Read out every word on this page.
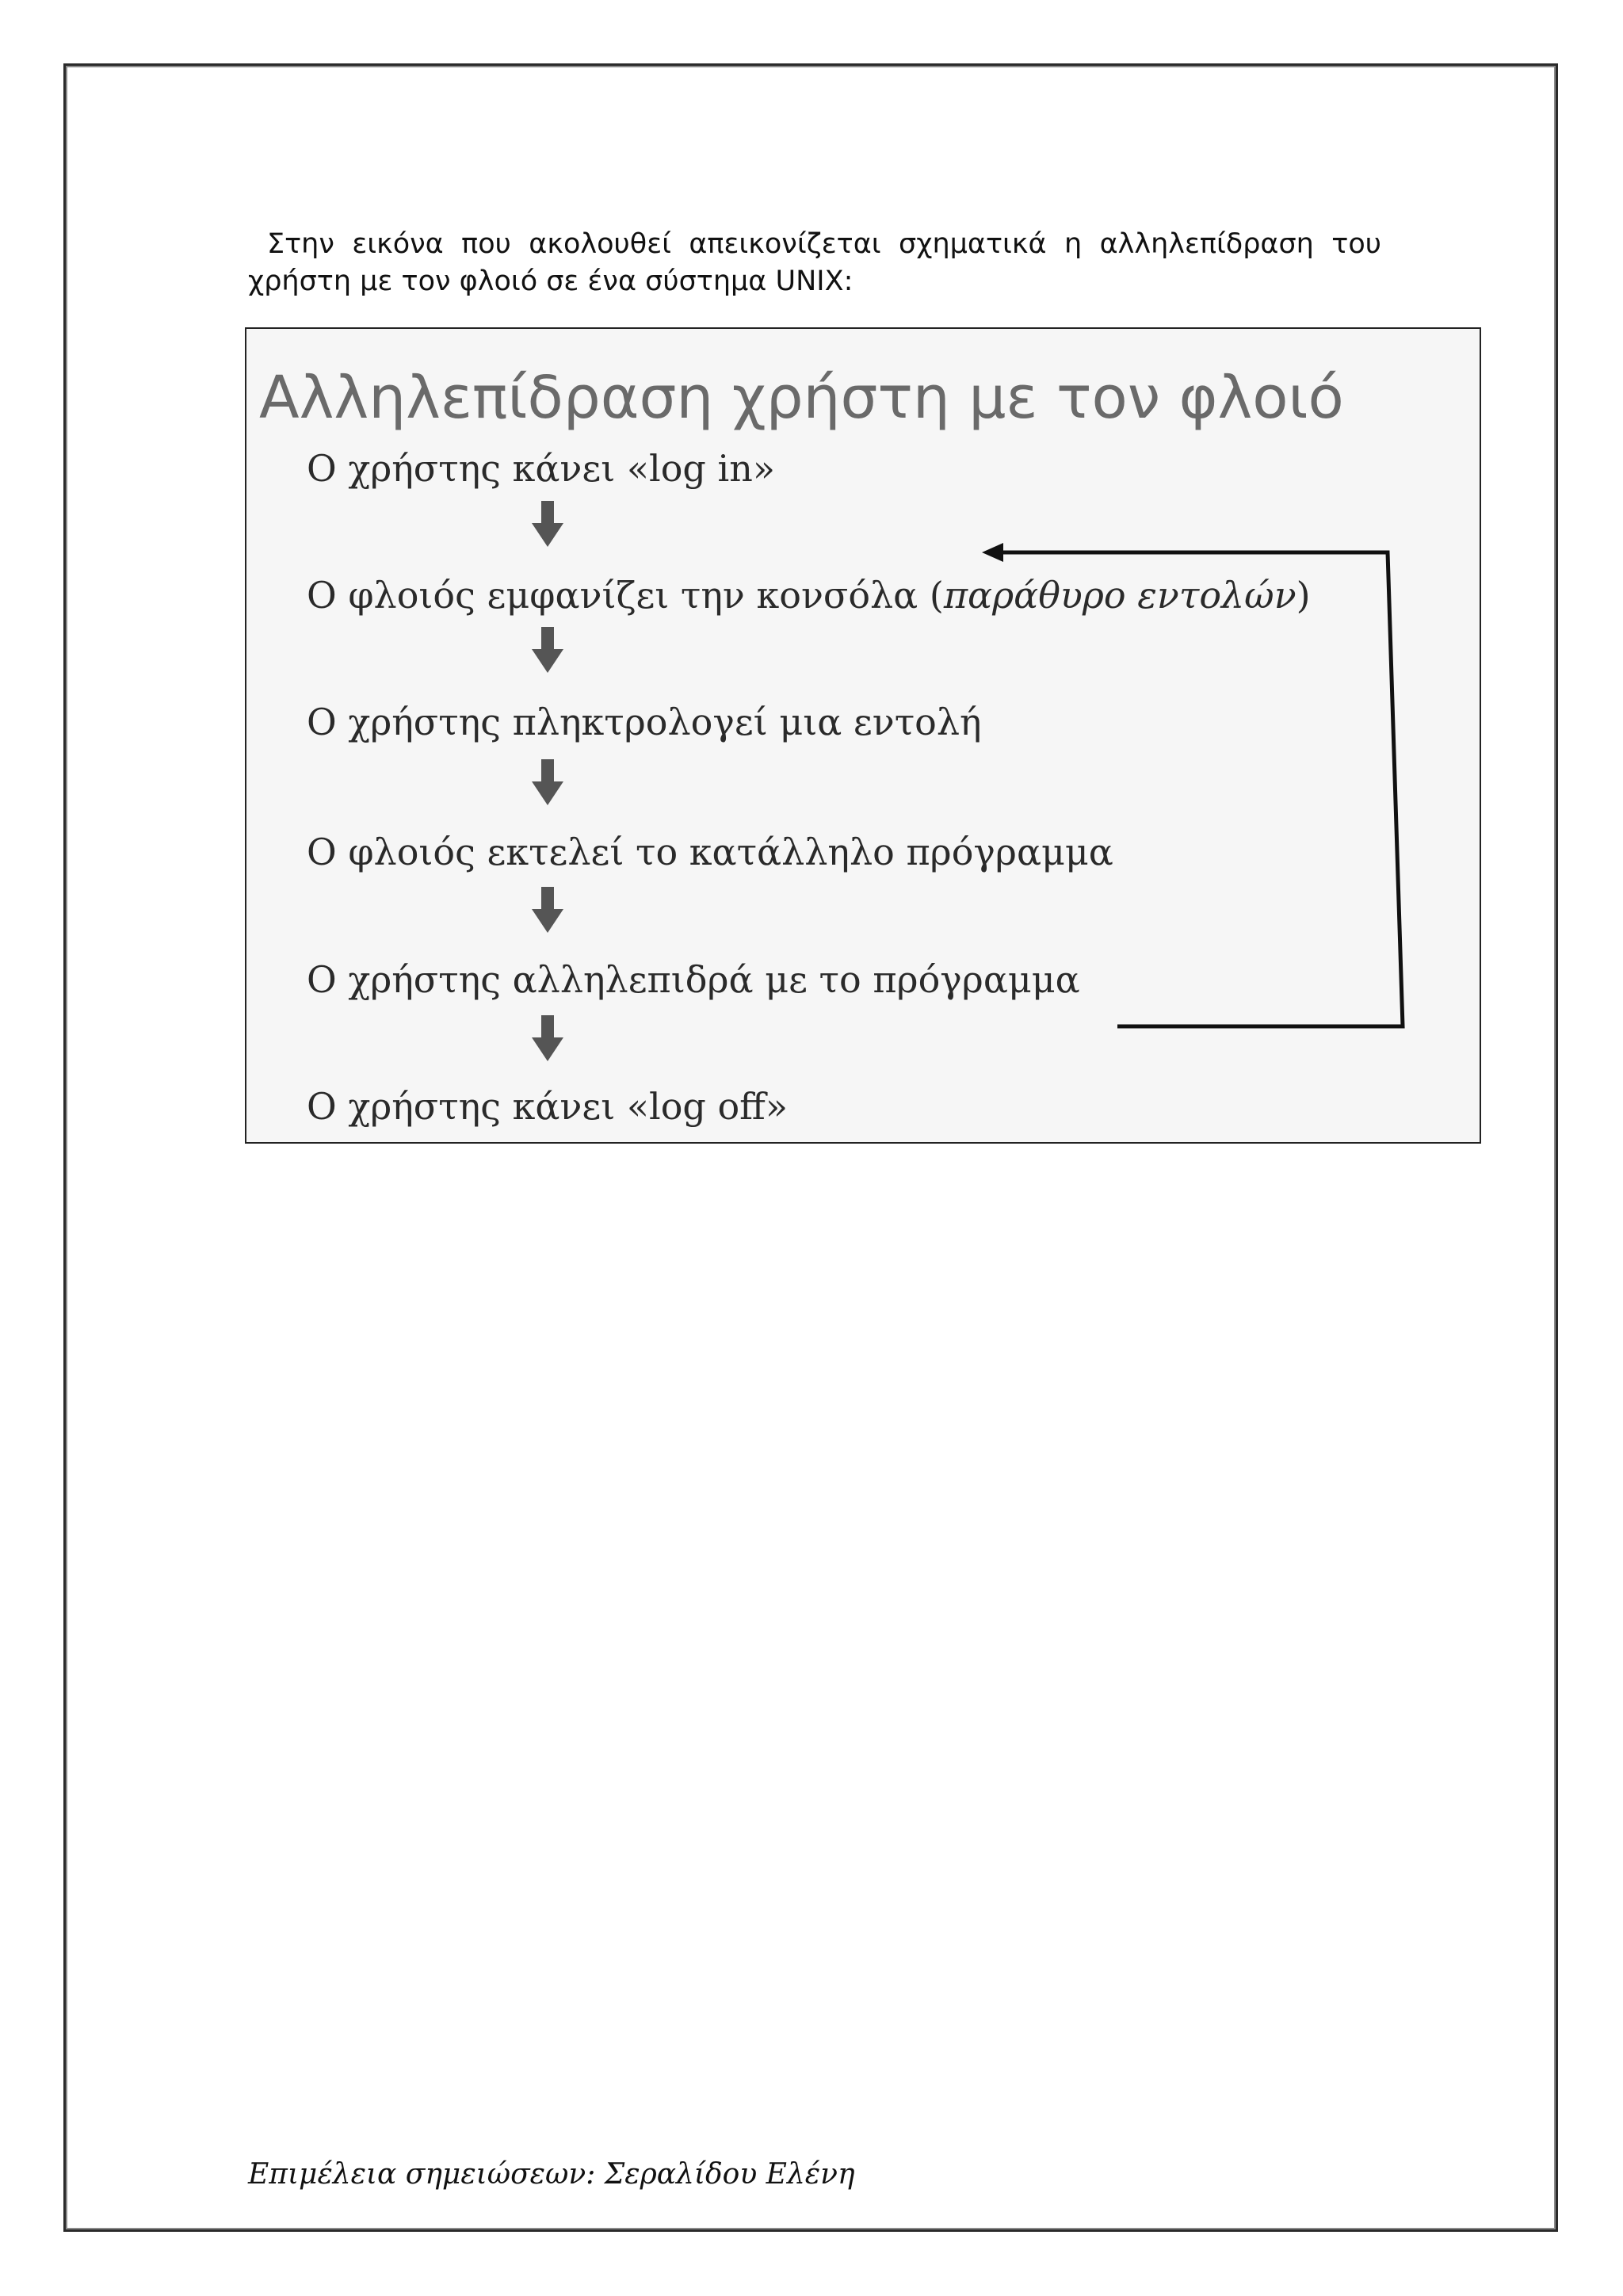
Στην εικόνα που ακολουθεί απεικονίζεται σχηματικά η αλληλεπίδραση του χρήστη με τον φλοιό σε ένα σύστημα UNIX:

Αλληλεπίδραση χρήστη με τον φλοιό
Ο χρήστης κάνει «log in»
Ο φλοιός εμφανίζει την κονσόλα (παράθυρο εντολών)
Ο χρήστης πληκτρολογεί μια εντολή
Ο φλοιός εκτελεί το κατάλληλο πρόγραμμα
Ο χρήστης αλληλεπιδρά με το πρόγραμμα
Ο χρήστης κάνει «log off»
Επιμέλεια σημειώσεων: Σεραλίδου Ελένη
